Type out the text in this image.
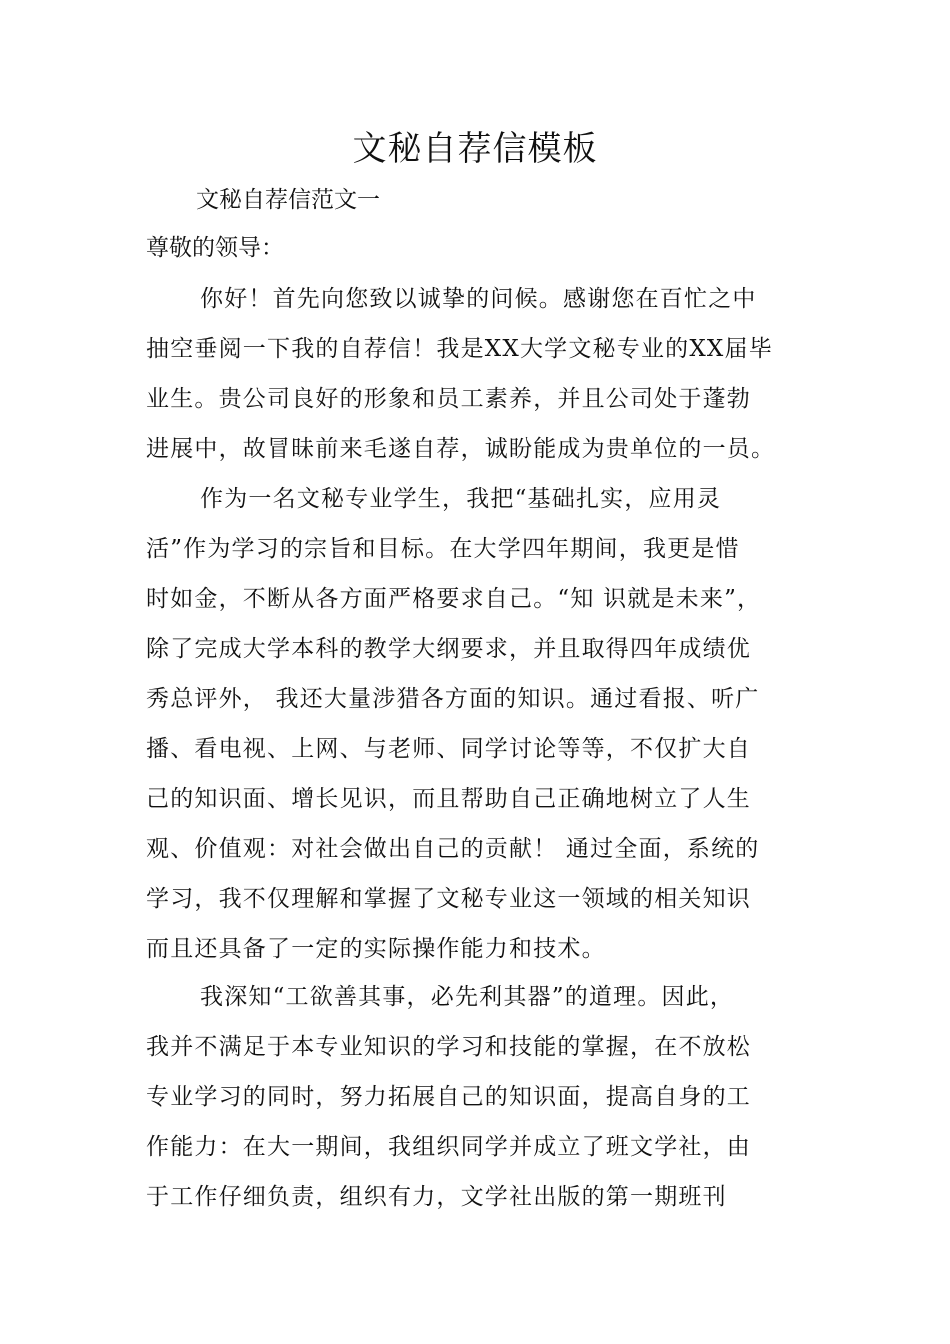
文秘自荐信模板

文秘自荐信范文一

尊敬的领导：

你好！首先向您致以诚挚的问候。感谢您在百忙之中
抽空垂阅一下我的自荐信！我是XX大学文秘专业的XX届毕
业生。贵公司良好的形象和员工素养，并且公司处于蓬勃
进展中，故冒昧前来毛遂自荐，诚盼能成为贵单位的一员。
作为一名文秘专业学生，我把“基础扎实，应用灵
活”作为学习的宗旨和目标。在大学四年期间，我更是惜
时如金，不断从各方面严格要求自己。“知 识就是未来”，
除了完成大学本科的教学大纲要求，并且取得四年成绩优
秀总评外， 我还大量涉猎各方面的知识。通过看报、听广
播、看电视、上网、与老师、同学讨论等等，不仅扩大自
己的知识面、增长见识，而且帮助自己正确地树立了人生
观、价值观：对社会做出自己的贡献！ 通过全面，系统的
学习，我不仅理解和掌握了文秘专业这一领域的相关知识
而且还具备了一定的实际操作能力和技术。
我深知“工欲善其事，必先利其器”的道理。因此，
我并不满足于本专业知识的学习和技能的掌握，在不放松
专业学习的同时，努力拓展自己的知识面，提高自身的工
作能力：在大一期间，我组织同学并成立了班文学社，由
于工作仔细负责，组织有力，文学社出版的第一期班刊
